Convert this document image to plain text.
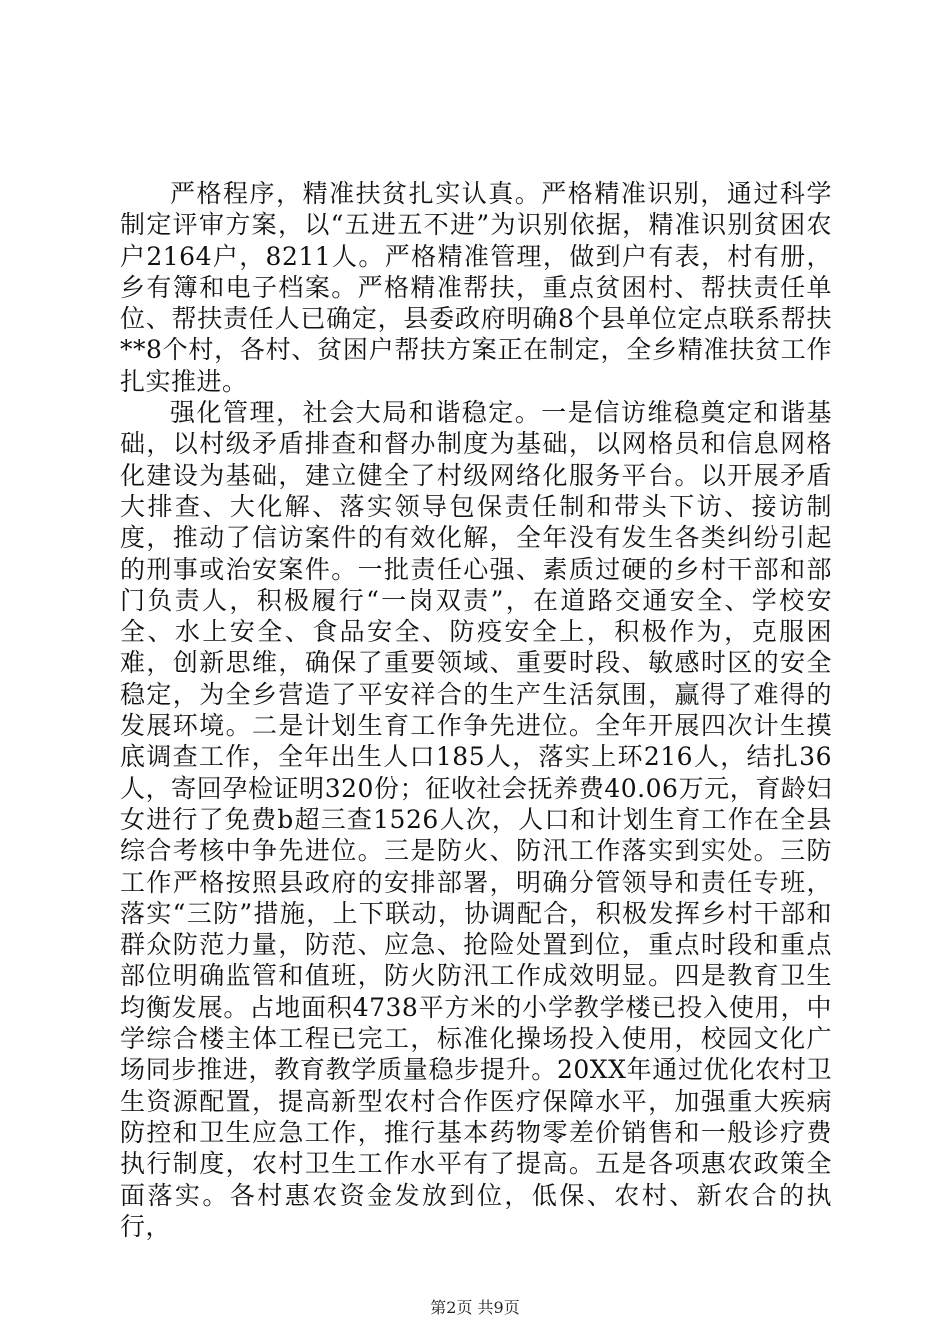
严格程序，精准扶贫扎实认真。严格精准识别，通过科学制定评审方案，以“五进五不进”为识别依据，精准识别贫困农户2164户，8211人。严格精准管理，做到户有表，村有册，乡有簿和电子档案。严格精准帮扶，重点贫困村、帮扶责任单位、帮扶责任人已确定，县委政府明确8个县单位定点联系帮扶**8个村，各村、贫困户帮扶方案正在制定，全乡精准扶贫工作扎实推进。

强化管理，社会大局和谐稳定。一是信访维稳奠定和谐基础，以村级矛盾排查和督办制度为基础，以网格员和信息网格化建设为基础，建立健全了村级网络化服务平台。以开展矛盾大排查、大化解、落实领导包保责任制和带头下访、接访制度，推动了信访案件的有效化解，全年没有发生各类纠纷引起的刑事或治安案件。一批责任心强、素质过硬的乡村干部和部门负责人，积极履行“一岗双责”，在道路交通安全、学校安全、水上安全、食品安全、防疫安全上，积极作为，克服困难，创新思维，确保了重要领域、重要时段、敏感时区的安全稳定，为全乡营造了平安祥合的生产生活氛围，赢得了难得的发展环境。二是计划生育工作争先进位。全年开展四次计生摸底调查工作，全年出生人口185人，落实上环216人，结扎36人，寄回孕检证明320份；征收社会抚养费40.06万元，育龄妇女进行了免费b超三查1526人次，人口和计划生育工作在全县综合考核中争先进位。三是防火、防汛工作落实到实处。三防工作严格按照县政府的安排部署，明确分管领导和责任专班，落实“三防”措施，上下联动，协调配合，积极发挥乡村干部和群众防范力量，防范、应急、抢险处置到位，重点时段和重点部位明确监管和值班，防火防汛工作成效明显。四是教育卫生均衡发展。占地面积4738平方米的小学教学楼已投入使用，中学综合楼主体工程已完工，标准化操场投入使用，校园文化广场同步推进，教育教学质量稳步提升。20XX年通过优化农村卫生资源配置，提高新型农村合作医疗保障水平，加强重大疾病防控和卫生应急工作，推行基本药物零差价销售和一般诊疗费执行制度，农村卫生工作水平有了提高。五是各项惠农政策全面落实。各村惠农资金发放到位，低保、农村、新农合的执行，

第2页 共9页
